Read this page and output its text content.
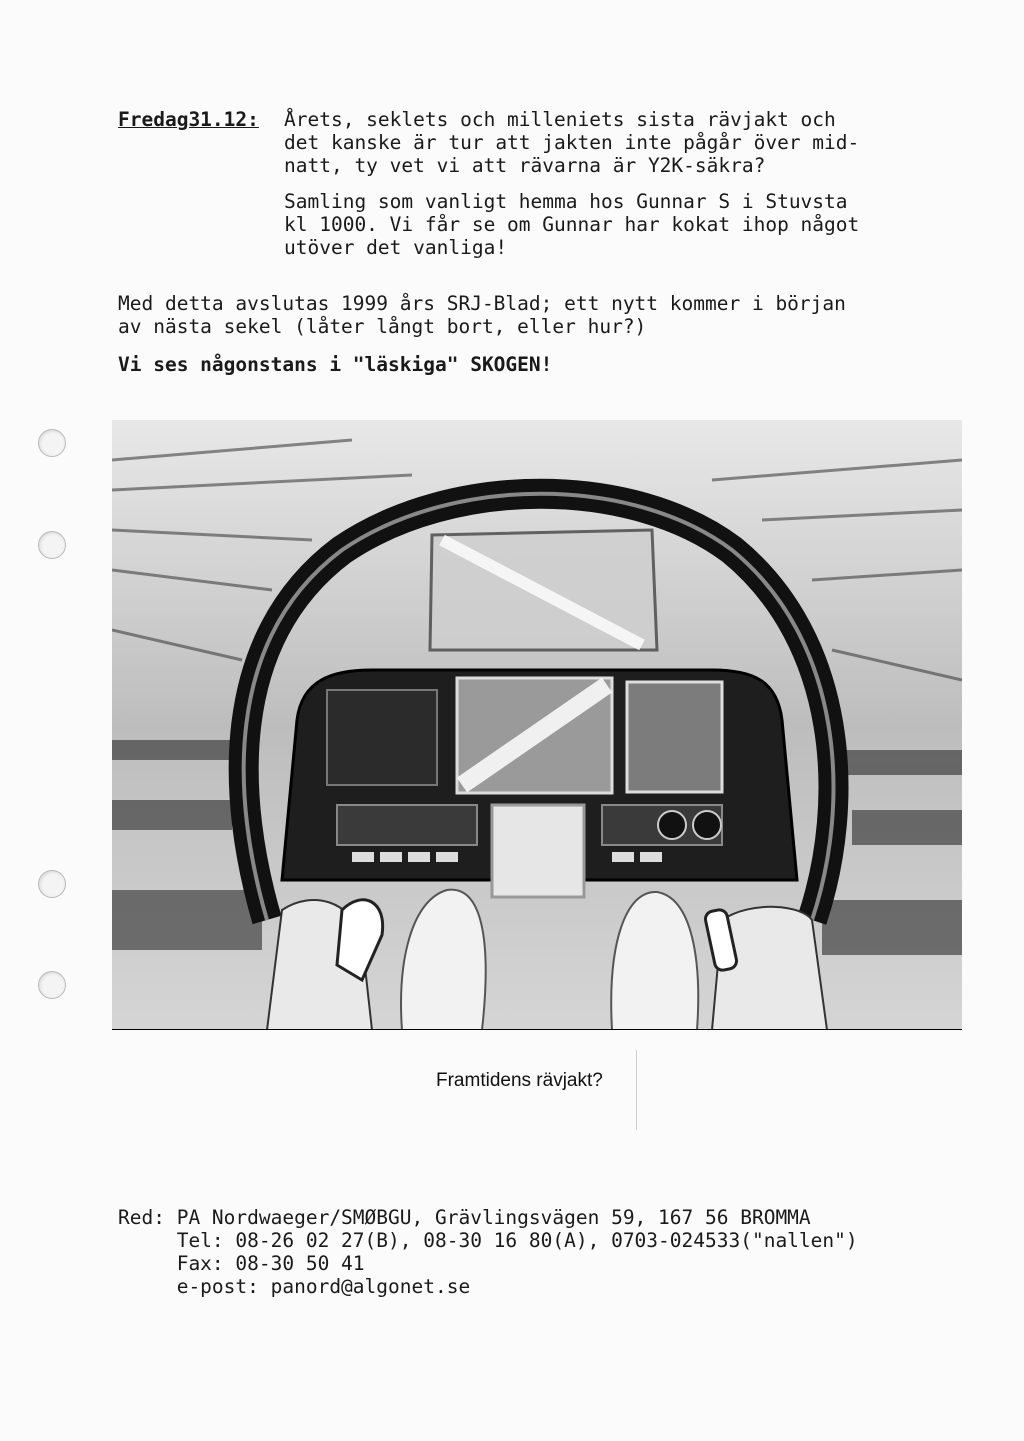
Fredag31.12: Årets, seklets och milleniets sista rävjakt och
det kanske är tur att jakten inte pågår över mid-
natt, ty vet vi att rävarna är Y2K-säkra?
Samling som vanligt hemma hos Gunnar S i Stuvsta
kl 1000. Vi får se om Gunnar har kokat ihop något
utöver det vanliga!
Med detta avslutas 1999 års SRJ-Blad; ett nytt kommer i början
av nästa sekel (låter långt bort, eller hur?)
Vi ses någonstans i "läskiga" SKOGEN!
Framtidens rävjakt?
Red: PA Nordwaeger/SMØBGU, Grävlingsvägen 59, 167 56 BROMMA
Tel: 08-26 02 27(B), 08-30 16 80(A), 0703-024533("nallen")
Fax: 08-30 50 41
e-post: panord@algonet.se
